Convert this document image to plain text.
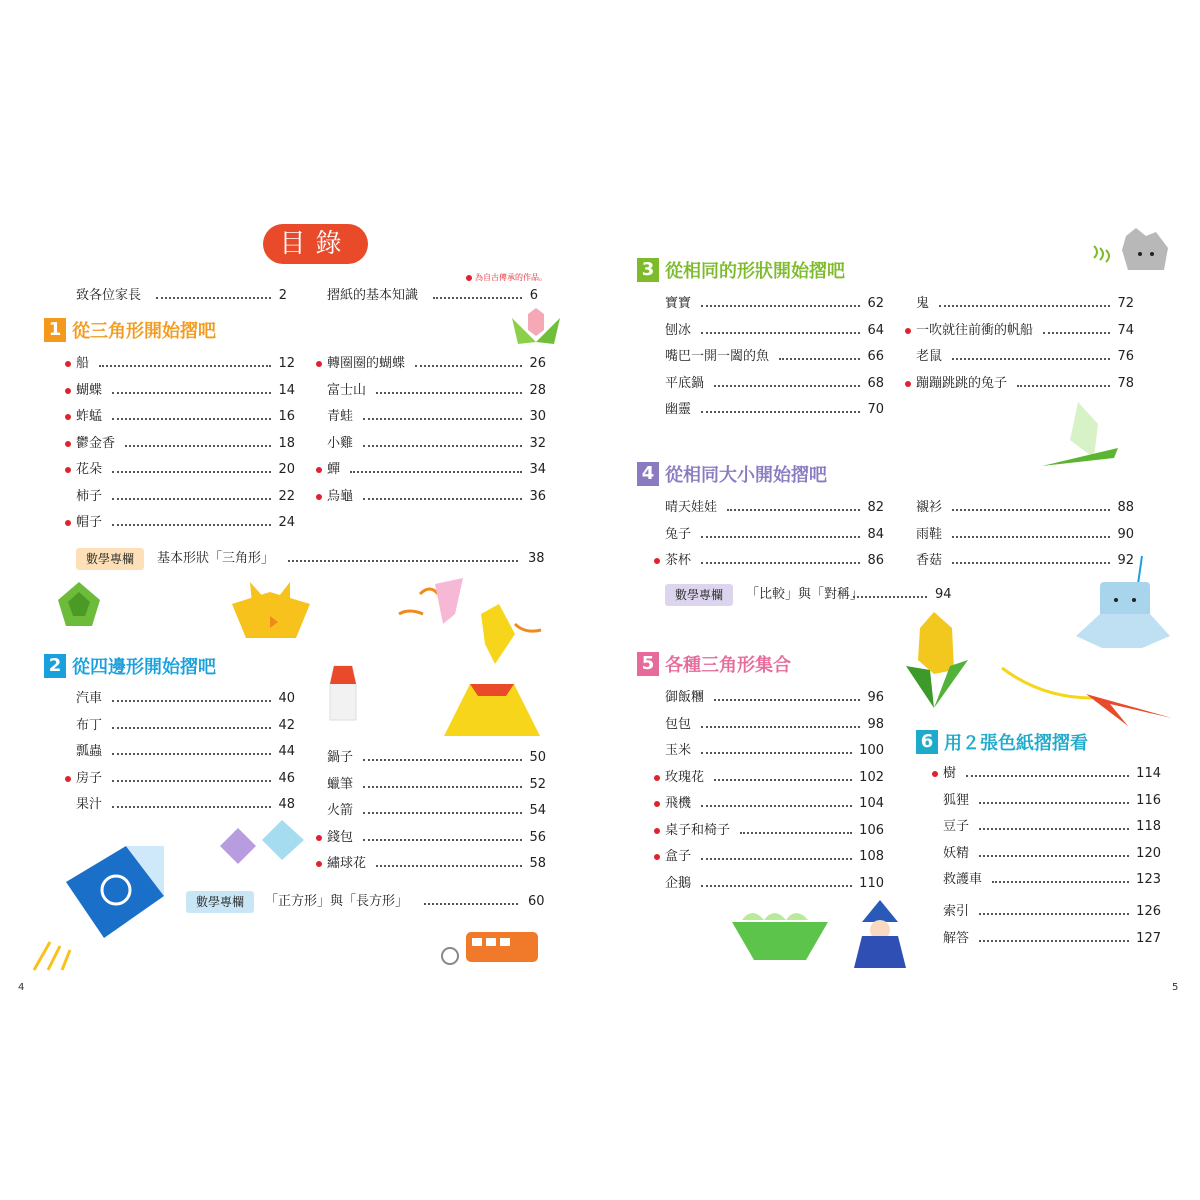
目錄
為自古傳承的作品。
致各位家長	2	摺紙的基本知識	6
1 從三角形開始摺吧
船	12
蝴蝶	14
蚱蜢	16
鬱金香	18
花朵	20
柿子	22
帽子	24
轉圈圈的蝴蝶	26
富士山	28
青蛙	30
小雞	32
蟬	34
烏龜	36
數學專欄	基本形狀「三角形」	38
2 從四邊形開始摺吧
汽車	40
布丁	42
瓢蟲	44
房子	46
果汁	48
鍋子	50
蠟筆	52
火箭	54
錢包	56
繡球花	58
數學專欄	「正方形」與「長方形」	60
4
3 從相同的形狀開始摺吧
寶寶	62
刨冰	64
嘴巴一開一闔的魚	66
平底鍋	68
幽靈	70
鬼	72
一吹就往前衝的帆船	74
老鼠	76
蹦蹦跳跳的兔子	78
4 從相同大小開始摺吧
晴天娃娃	82
兔子	84
茶杯	86
襯衫	88
雨鞋	90
香菇	92
數學專欄	「比較」與「對稱」	94
5 各種三角形集合
御飯糰	96
包包	98
玉米	100
玫瑰花	102
飛機	104
桌子和椅子	106
盒子	108
企鵝	110
6 用２張色紙摺摺看
樹	114
狐狸	116
豆子	118
妖精	120
救護車	123
索引	126
解答	127
5
